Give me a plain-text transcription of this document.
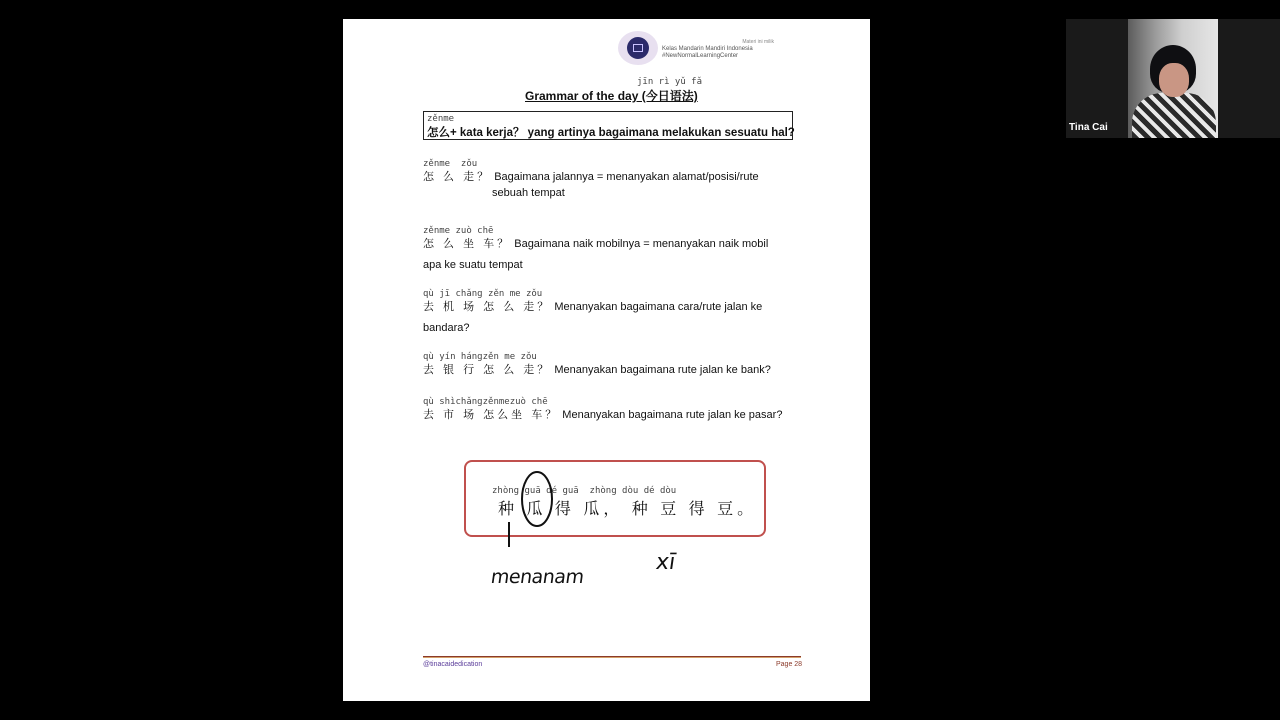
Materi ini milik
Kelas Mandarin Mandiri Indonesia
#NewNormalLearningCenter
jīn rì yǔ fǎ
Grammar of the day (今日语法)
zěnme
怎么+ kata kerja？ yang artinya bagaimana melakukan sesuatu hal?
zěnme  zǒu
怎 么 走？ Bagaimana jalannya = menanyakan alamat/posisi/rute
sebuah tempat
zěnme zuò chē
怎 么 坐 车？ Bagaimana naik mobilnya = menanyakan naik mobil
apa ke suatu tempat
qù jī chǎng zěn me zǒu
去 机 场 怎 么 走？ Menanyakan bagaimana cara/rute jalan ke
bandara?
qù yín hángzěn me zǒu
去 银 行 怎 么 走？ Menanyakan bagaimana rute jalan ke bank?
qù shìchǎngzěnmezuò chē
去 市 场 怎么坐 车？ Menanyakan bagaimana rute jalan ke pasar?
zhòng guā dé guā  zhòng dòu dé dòu
种 瓜 得 瓜， 种 豆 得 豆。
menanam
xī
@tinacaidedication	Page 28
Tina Cai
